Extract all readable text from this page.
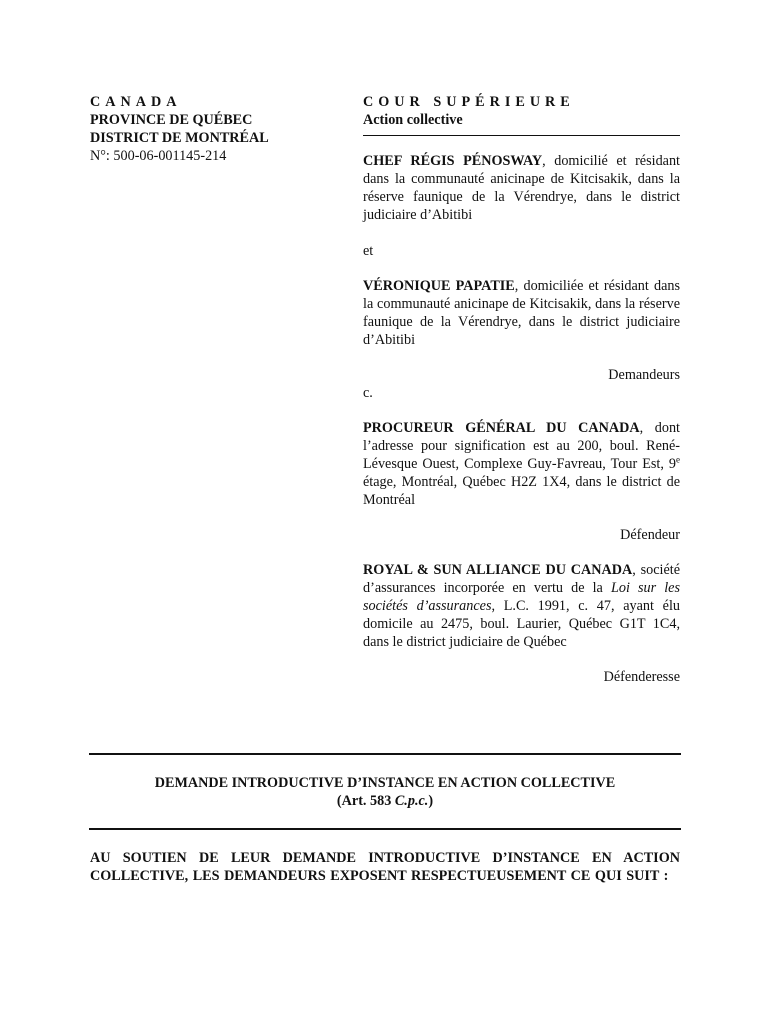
CANADA
PROVINCE DE QUÉBEC
DISTRICT DE MONTRÉAL
N°: 500-06-001145-214
COUR SUPÉRIEURE
Action collective

CHEF RÉGIS PÉNOSWAY, domicilié et résidant dans la communauté anicinape de Kitcisakik, dans la réserve faunique de la Vérendrye, dans le district judiciaire d’Abitibi

et

VÉRONIQUE PAPATIE, domiciliée et résidant dans la communauté anicinape de Kitcisakik, dans la réserve faunique de la Vérendrye, dans le district judiciaire d’Abitibi

Demandeurs
c.

PROCUREUR GÉNÉRAL DU CANADA, dont l’adresse pour signification est au 200, boul. René-Lévesque Ouest, Complexe Guy-Favreau, Tour Est, 9e étage, Montréal, Québec H2Z 1X4, dans le district de Montréal

Défendeur

ROYAL & SUN ALLIANCE DU CANADA, société d’assurances incorporée en vertu de la Loi sur les sociétés d’assurances, L.C. 1991, c. 47, ayant élu domicile au 2475, boul. Laurier, Québec G1T 1C4, dans le district judiciaire de Québec

Défenderesse
DEMANDE INTRODUCTIVE D’INSTANCE EN ACTION COLLECTIVE
(Art. 583 C.p.c.)
AU SOUTIEN DE LEUR DEMANDE INTRODUCTIVE D’INSTANCE EN ACTION COLLECTIVE, LES DEMANDEURS EXPOSENT RESPECTUEUSEMENT CE QUI SUIT :
